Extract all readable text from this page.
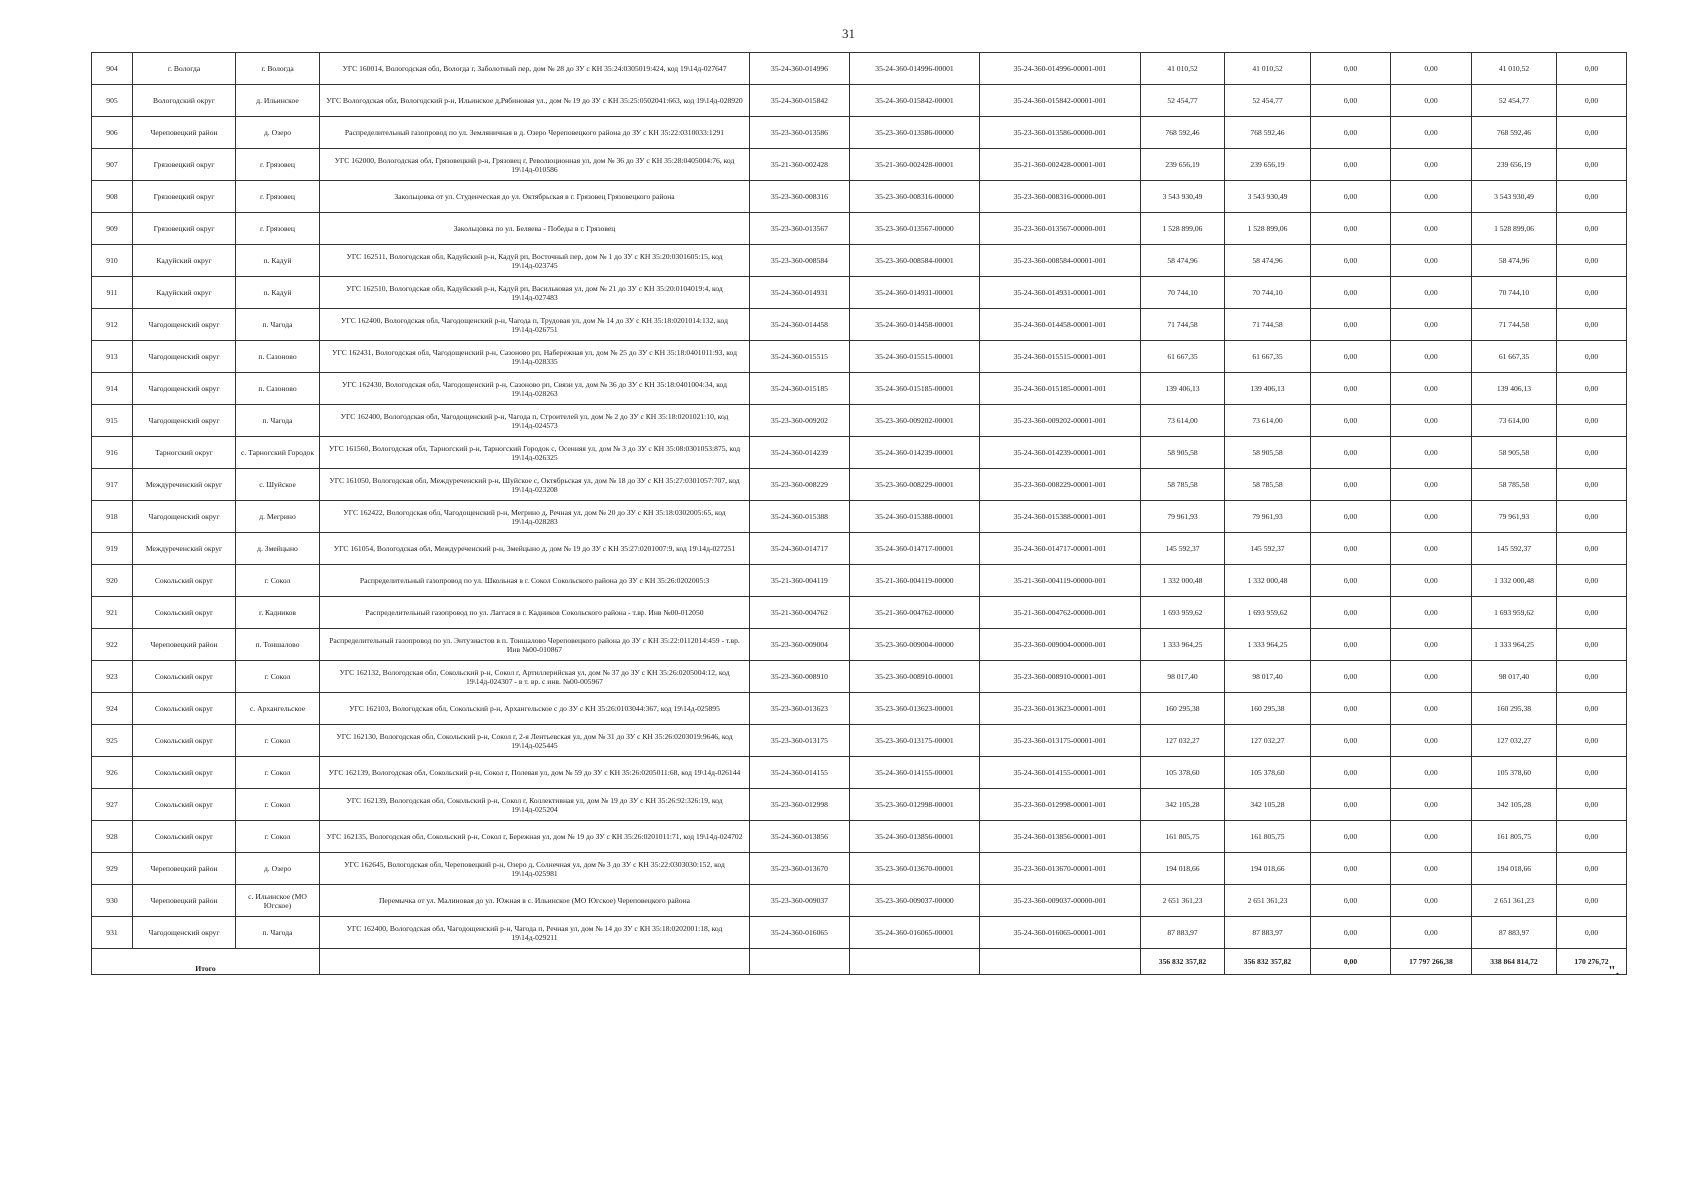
31
904	г. Вологда	г. Вологда	УГС 160014, Вологодская обл, Вологда г, Заболотный пер, дом № 28 до ЗУ с КН 35:24:0305019:424, код 19\14д-027647	35-24-360-014996	35-24-360-014996-00001	35-24-360-014996-00001-001	41 010,52	41 010,52	0,00	0,00	41 010,52	0,00
905	Вологодский округ	д. Ильинское	УГС Вологодская обл, Вологодский р-н, Ильинское д,Рябиновая ул., дом № 19 до ЗУ с КН 35:25:0502041:663, код 19\14д-028920	35-24-360-015842	35-24-360-015842-00001	35-24-360-015842-00001-001	52 454,77	52 454,77	0,00	0,00	52 454,77	0,00
906	Череповецкий район	д. Озеро	Распределительный газопровод по ул. Земляничная в д. Озеро Череповецкого района до ЗУ с КН 35:22:0310033:1291	35-23-360-013586	35-23-360-013586-00000	35-23-360-013586-00000-001	768 592,46	768 592,46	0,00	0,00	768 592,46	0,00
907	Грязовецкий округ	г. Грязовец	УГС 162000, Вологодская обл, Грязовецкий р-н, Грязовец г, Революционная ул, дом № 36 до ЗУ с КН 35:28:0405004:76, код 19\14д-010586	35-21-360-002428	35-21-360-002428-00001	35-21-360-002428-00001-001	239 656,19	239 656,19	0,00	0,00	239 656,19	0,00
908	Грязовецкий округ	г. Грязовец	Закольцовка от ул. Студенческая до ул. Октябрьская в г. Грязовец Грязовецкого района	35-23-360-008316	35-23-360-008316-00000	35-23-360-008316-00000-001	3 543 930,49	3 543 930,49	0,00	0,00	3 543 930,49	0,00
909	Грязовецкий округ	г. Грязовец	Закольцовка по ул. Беляева - Победы в г. Грязовец	35-23-360-013567	35-23-360-013567-00000	35-23-360-013567-00000-001	1 528 899,06	1 528 899,06	0,00	0,00	1 528 899,06	0,00
910	Кадуйский округ	п. Кадуй	УГС 162511, Вологодская обл, Кадуйский р-н, Кадуй рп, Восточный пер, дом № 1 до ЗУ с КН 35:20:0301605:15, код 19\14д-023745	35-23-360-008584	35-23-360-008584-00001	35-23-360-008584-00001-001	58 474,96	58 474,96	0,00	0,00	58 474,96	0,00
911	Кадуйский округ	п. Кадуй	УГС 162510, Вологодская обл, Кадуйский р-н, Кадуй рп, Васильковая ул, дом № 21 до ЗУ с КН 35:20:0104019:4, код 19\14д-027483	35-24-360-014931	35-24-360-014931-00001	35-24-360-014931-00001-001	70 744,10	70 744,10	0,00	0,00	70 744,10	0,00
912	Чагодощенский округ	п. Чагода	УГС 162400, Вологодская обл, Чагодощенский р-н, Чагода п, Трудовая ул, дом № 14 до ЗУ с КН 35:18:0201014:132, код 19\14д-026751	35-24-360-014458	35-24-360-014458-00001	35-24-360-014458-00001-001	71 744,58	71 744,58	0,00	0,00	71 744,58	0,00
913	Чагодощенский округ	п. Сазоново	УГС 162431, Вологодская обл, Чагодощенский р-н, Сазоново рп, Набережная ул, дом № 25 до ЗУ с КН 35:18:0401011:93, код 19\14д-028335	35-24-360-015515	35-24-360-015515-00001	35-24-360-015515-00001-001	61 667,35	61 667,35	0,00	0,00	61 667,35	0,00
914	Чагодощенский округ	п. Сазоново	УГС 162430, Вологодская обл, Чагодощенский р-н, Сазоново рп, Связи ул, дом № 36 до ЗУ с КН 35:18:0401004:34, код 19\14д-028263	35-24-360-015185	35-24-360-015185-00001	35-24-360-015185-00001-001	139 406,13	139 406,13	0,00	0,00	139 406,13	0,00
915	Чагодощенский округ	п. Чагода	УГС 162400, Вологодская обл, Чагодощенский р-н, Чагода п, Строителей ул, дом № 2 до ЗУ с КН 35:18:0201021:10, код 19\14д-024573	35-23-360-009202	35-23-360-009202-00001	35-23-360-009202-00001-001	73 614,00	73 614,00	0,00	0,00	73 614,00	0,00
916	Тарногский округ	с. Тарногский Городок	УГС 161560, Вологодская обл, Тарногский р-н, Тарногский Городок с, Осенняя ул, дом № 3 до ЗУ с КН 35:08:0301053:875, код 19\14д-026325	35-24-360-014239	35-24-360-014239-00001	35-24-360-014239-00001-001	58 905,58	58 905,58	0,00	0,00	58 905,58	0,00
917	Междуреченский округ	с. Шуйское	УГС 161050, Вологодская обл, Междуреченский р-н, Шуйское с, Октябрьская ул, дом № 18 до ЗУ с КН 35:27:0301057:707, код 19\14д-023208	35-23-360-008229	35-23-360-008229-00001	35-23-360-008229-00001-001	58 785,58	58 785,58	0,00	0,00	58 785,58	0,00
918	Чагодощенский округ	д. Мегрино	УГС 162422, Вологодская обл, Чагодощенский р-н, Мегрино д, Речная ул, дом № 20 до ЗУ с КН 35:18:0302005:65, код 19\14д-028283	35-24-360-015388	35-24-360-015388-00001	35-24-360-015388-00001-001	79 961,93	79 961,93	0,00	0,00	79 961,93	0,00
919	Междуреченский округ	д. Змейцыно	УГС 161054, Вологодская обл, Междуреченский р-н, Змейцыно д, дом № 19 до ЗУ с КН 35:27:0201007:9, код 19\14д-027251	35-24-360-014717	35-24-360-014717-00001	35-24-360-014717-00001-001	145 592,37	145 592,37	0,00	0,00	145 592,37	0,00
920	Сокольский округ	г. Сокол	Распределительный газопровод по ул. Школьная в г. Сокол Сокольского района до ЗУ с КН 35:26:0202005:3	35-21-360-004119	35-21-360-004119-00000	35-21-360-004119-00000-001	1 332 000,48	1 332 000,48	0,00	0,00	1 332 000,48	0,00
921	Сокольский округ	г. Кадников	Распределительный газопровод по ул. Лаггася в г. Кадников Сокольского района - т.вр. Инв №00-012050	35-21-360-004762	35-21-360-004762-00000	35-21-360-004762-00000-001	1 693 959,62	1 693 959,62	0,00	0,00	1 693 959,62	0,00
922	Череповецкий район	п. Тоншалово	Распределительный газопровод по ул. Энтузиастов в п. Тоншалово Череповецкого района до ЗУ с КН 35:22:0112014:459 - т.вр. Инв №00-010867	35-23-360-009004	35-23-360-009004-00000	35-23-360-009004-00000-001	1 333 964,25	1 333 964,25	0,00	0,00	1 333 964,25	0,00
923	Сокольский округ	г. Сокол	УГС 162132, Вологодская обл, Сокольский р-н, Сокол г, Артиллерийская ул, дом № 37 до ЗУ с КН 35:26:0205004:12, код 19\14д-024307 - в т. вр. с инв. №00-005967	35-23-360-008910	35-23-360-008910-00001	35-23-360-008910-00001-001	98 017,40	98 017,40	0,00	0,00	98 017,40	0,00
924	Сокольский округ	с. Архангельское	УГС 162103, Вологодская обл, Сокольский р-н, Архангельское с до ЗУ с КН 35:26:0103044:367, код 19\14д-025895	35-23-360-013623	35-23-360-013623-00001	35-23-360-013623-00001-001	160 295,38	160 295,38	0,00	0,00	160 295,38	0,00
925	Сокольский округ	г. Сокол	УГС 162130, Вологодская обл, Сокольский р-н, Сокол г, 2-я Лентьевская ул, дом № 31 до ЗУ с КН 35:26:0203019:9646, код 19\14д-025445	35-23-360-013175	35-23-360-013175-00001	35-23-360-013175-00001-001	127 032,27	127 032,27	0,00	0,00	127 032,27	0,00
926	Сокольский округ	г. Сокол	УГС 162139, Вологодская обл, Сокольский р-н, Сокол г, Полевая ул, дом № 59 до ЗУ с КН 35:26:0205011:68, код 19\14д-026144	35-24-360-014155	35-24-360-014155-00001	35-24-360-014155-00001-001	105 378,60	105 378,60	0,00	0,00	105 378,60	0,00
927	Сокольский округ	г. Сокол	УГС 162139, Вологодская обл, Сокольский р-н, Сокол г, Коллективная ул, дом № 19 до ЗУ с КН 35:26:92:326:19, код 19\14д-025204	35-23-360-012998	35-23-360-012998-00001	35-23-360-012998-00001-001	342 105,28	342 105,28	0,00	0,00	342 105,28	0,00
928	Сокольский округ	г. Сокол	УГС 162135, Вологодская обл, Сокольский р-н, Сокол г, Бережная ул, дом № 19 до ЗУ с КН 35:26:0201011:71, код 19\14д-024702	35-24-360-013856	35-24-360-013856-00001	35-24-360-013856-00001-001	161 805,75	161 805,75	0,00	0,00	161 805,75	0,00
929	Череповецкий район	д. Озеро	УГС 162645, Вологодская обл, Череповецкий р-н, Озеро д, Солнечная ул, дом № 3 до ЗУ с КН 35:22:0303030:152, код 19\14д-025981	35-23-360-013670	35-23-360-013670-00001	35-23-360-013670-00001-001	194 018,66	194 018,66	0,00	0,00	194 018,66	0,00
930	Череповецкий район	с. Ильинское (МО Югское)	Перемычка от ул. Малиновая до ул. Южная в с. Ильинское (МО Югское) Череповецкого района	35-23-360-009037	35-23-360-009037-00000	35-23-360-009037-00000-001	2 651 361,23	2 651 361,23	0,00	0,00	2 651 361,23	0,00
931	Чагодощенский округ	п. Чагода	УГС 162400, Вологодская обл, Чагодощенский р-н, Чагода п, Речная ул, дом № 14 до ЗУ с КН 35:18:0202001:18, код 19\14д-029211	35-24-360-016065	35-24-360-016065-00001	35-24-360-016065-00001-001	87 883,97	87 883,97	0,00	0,00	87 883,97	0,00
Итого							356 832 357,82	356 832 357,82	0,00	17 797 266,38	338 864 814,72	170 276,72
".
